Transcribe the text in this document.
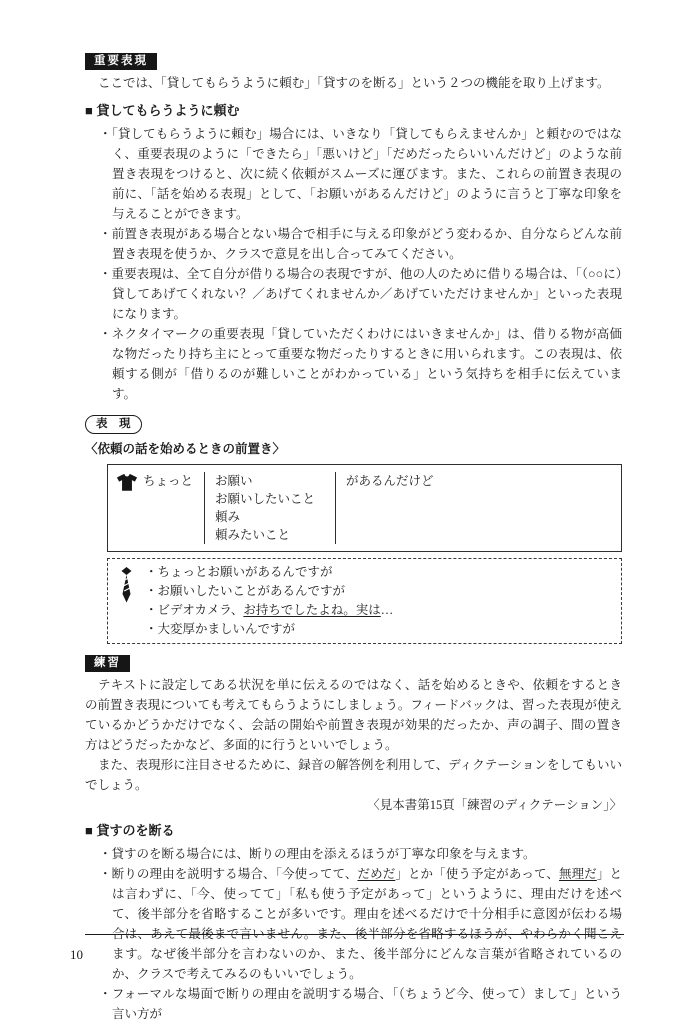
重要表現

ここでは、「貸してもらうように頼む」「貸すのを断る」という２つの機能を取り上げます。

■ 貸してもらうように頼む

・「貸してもらうように頼む」場合には、いきなり「貸してもらえませんか」と頼むのではなく、重要表現のように「できたら」「悪いけど」「だめだったらいいんだけど」のような前置き表現をつけると、次に続く依頼がスムーズに運びます。また、これらの前置き表現の前に、「話を始める表現」として、「お願いがあるんだけど」のように言うと丁寧な印象を与えることができます。

・前置き表現がある場合とない場合で相手に与える印象がどう変わるか、自分ならどんな前置き表現を使うか、クラスで意見を出し合ってみてください。

・重要表現は、全て自分が借りる場合の表現ですが、他の人のために借りる場合は、「（○○に）貸してあげてくれない？／あげてくれませんか／あげていただけませんか」といった表現になります。

・ネクタイマークの重要表現「貸していただくわけにはいきませんか」は、借りる物が高価な物だったり持ち主にとって重要な物だったりするときに用いられます。この表現は、依頼する側が「借りるのが難しいことがわかっている」という気持ちを相手に伝えています。

表　現
〈依頼の話を始めるときの前置き〉
ちょっと お願い
お願いしたいこと
頼み
頼みたいこと
があるんだけど
・ちょっとお願いがあるんですが
・お願いしたいことがあるんですが
・ビデオカメラ、お持ちでしたよね。実は…
・大変厚かましいんですが
練習

テキストに設定してある状況を単に伝えるのではなく、話を始めるときや、依頼をするときの前置き表現についても考えてもらうようにしましょう。フィードバックは、習った表現が使えているかどうかだけでなく、会話の開始や前置き表現が効果的だったか、声の調子、間の置き方はどうだったかなど、多面的に行うといいでしょう。

また、表現形に注目させるために、録音の解答例を利用して、ディクテーションをしてもいいでしょう。

〈見本書第15頁「練習のディクテーション」〉

■ 貸すのを断る

・貸すのを断る場合には、断りの理由を添えるほうが丁寧な印象を与えます。

・断りの理由を説明する場合、「今使ってて、だめだ」とか「使う予定があって、無理だ」とは言わずに、「今、使ってて」「私も使う予定があって」というように、理由だけを述べて、後半部分を省略することが多いです。理由を述べるだけで十分相手に意図が伝わる場合は、あえて最後まで言いません。また、後半部分を省略するほうが、やわらかく聞こえます。なぜ後半部分を言わないのか、また、後半部分にどんな言葉が省略されているのか、クラスで考えてみるのもいいでしょう。

・フォーマルな場面で断りの理由を説明する場合、「（ちょうど今、使って）まして」という言い方が

10
